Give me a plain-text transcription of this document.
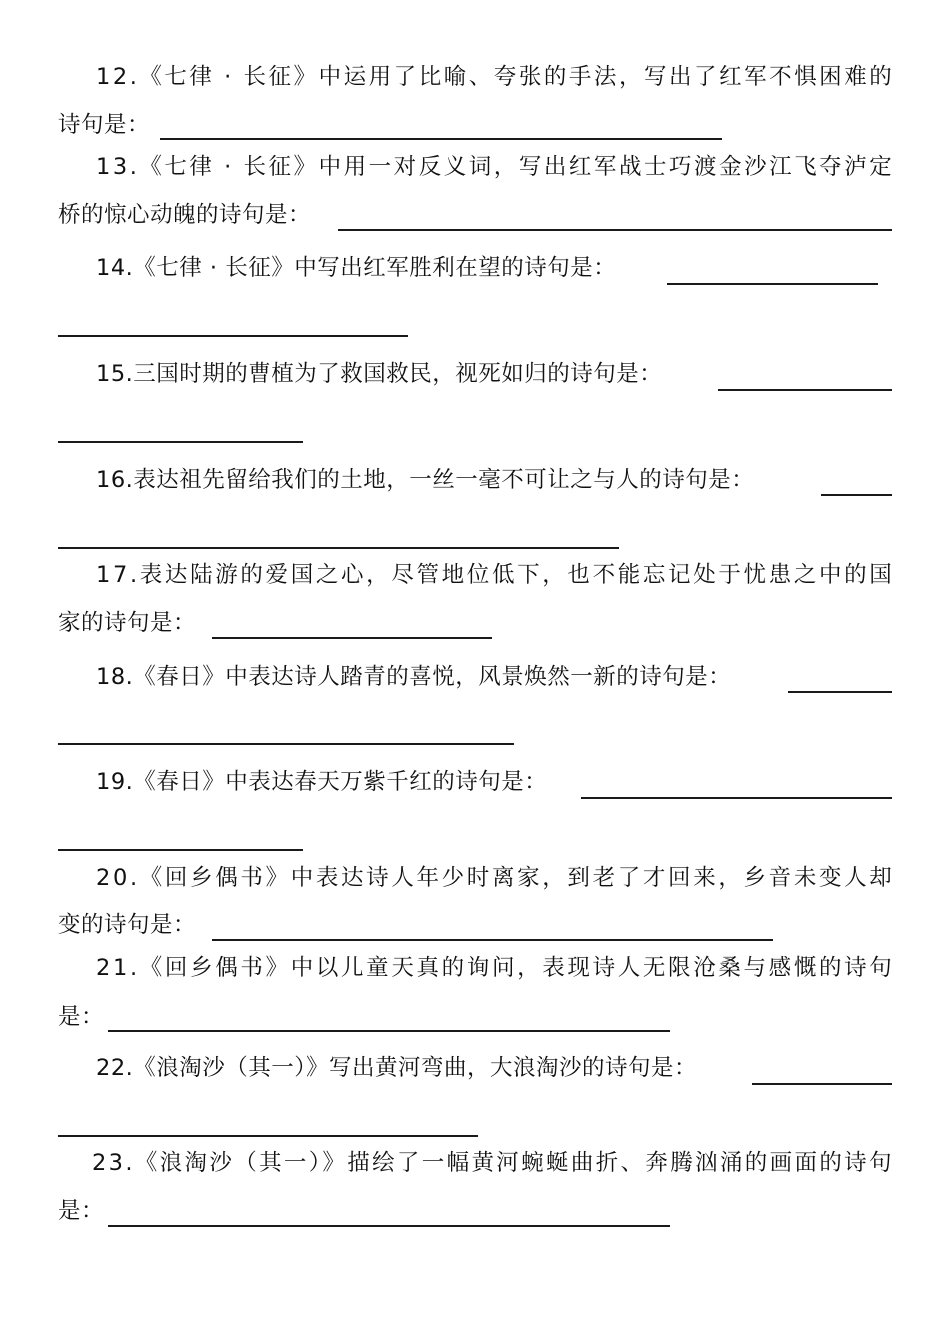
12.《七律 · 长征》中运用了比喻、夸张的手法，写出了红军不惧困难的
诗句是：
13.《七律 · 长征》中用一对反义词，写出红军战士巧渡金沙江飞夺泸定
桥的惊心动魄的诗句是：
14.《七律 · 长征》中写出红军胜利在望的诗句是：
15.三国时期的曹植为了救国救民，视死如归的诗句是：
16.表达祖先留给我们的土地，一丝一毫不可让之与人的诗句是：
17.表达陆游的爱国之心，尽管地位低下，也不能忘记处于忧患之中的国
家的诗句是：
18.《春日》中表达诗人踏青的喜悦，风景焕然一新的诗句是：
19.《春日》中表达春天万紫千红的诗句是：
20.《回乡偶书》中表达诗人年少时离家，到老了才回来，乡音未变人却
变的诗句是：
21.《回乡偶书》中以儿童天真的询问，表现诗人无限沧桑与感慨的诗句
是：
22.《浪淘沙（其一）》写出黄河弯曲，大浪淘沙的诗句是：
23.《浪淘沙（其一）》描绘了一幅黄河蜿蜒曲折、奔腾汹涌的画面的诗句
是：
